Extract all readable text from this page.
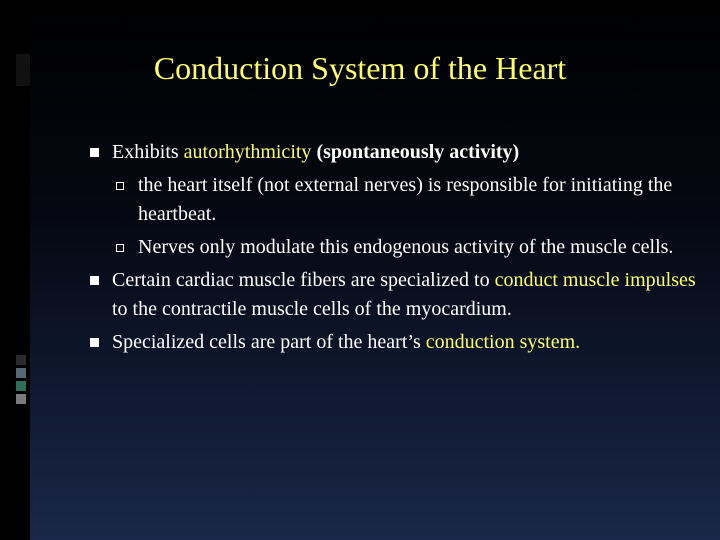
Conduction System of the Heart
Exhibits autorhythmicity (spontaneously activity)
the heart itself (not external nerves) is responsible for initiating the heartbeat.
Nerves only modulate this endogenous activity of the muscle cells.
Certain cardiac muscle fibers are specialized to conduct muscle impulses to the contractile muscle cells of the myocardium.
Specialized cells are part of the heart’s conduction system.
